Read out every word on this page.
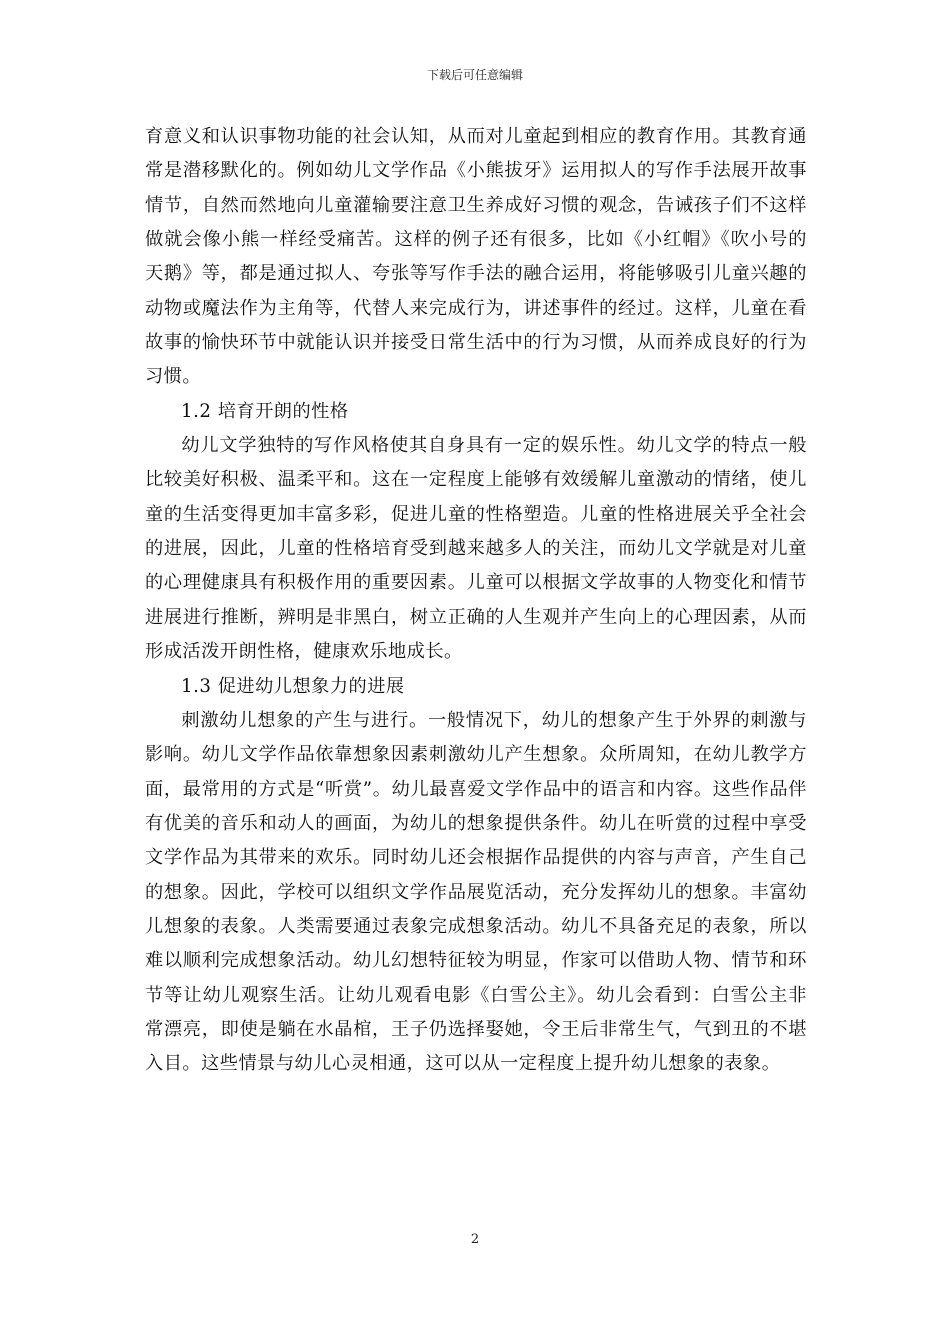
下载后可任意编辑

育意义和认识事物功能的社会认知，从而对儿童起到相应的教育作用。其教育通常是潜移默化的。例如幼儿文学作品《小熊拔牙》运用拟人的写作手法展开故事情节，自然而然地向儿童灌输要注意卫生养成好习惯的观念，告诫孩子们不这样做就会像小熊一样经受痛苦。这样的例子还有很多，比如《小红帽》《吹小号的天鹅》等，都是通过拟人、夸张等写作手法的融合运用，将能够吸引儿童兴趣的动物或魔法作为主角等，代替人来完成行为，讲述事件的经过。这样，儿童在看故事的愉快环节中就能认识并接受日常生活中的行为习惯，从而养成良好的行为习惯。

1.2 培育开朗的性格

幼儿文学独特的写作风格使其自身具有一定的娱乐性。幼儿文学的特点一般比较美好积极、温柔平和。这在一定程度上能够有效缓解儿童激动的情绪，使儿童的生活变得更加丰富多彩，促进儿童的性格塑造。儿童的性格进展关乎全社会的进展，因此，儿童的性格培育受到越来越多人的关注，而幼儿文学就是对儿童的心理健康具有积极作用的重要因素。儿童可以根据文学故事的人物变化和情节进展进行推断，辨明是非黑白，树立正确的人生观并产生向上的心理因素，从而形成活泼开朗性格，健康欢乐地成长。

1.3 促进幼儿想象力的进展

刺激幼儿想象的产生与进行。一般情况下，幼儿的想象产生于外界的刺激与影响。幼儿文学作品依靠想象因素刺激幼儿产生想象。众所周知，在幼儿教学方面，最常用的方式是“听赏”。幼儿最喜爱文学作品中的语言和内容。这些作品伴有优美的音乐和动人的画面，为幼儿的想象提供条件。幼儿在听赏的过程中享受文学作品为其带来的欢乐。同时幼儿还会根据作品提供的内容与声音，产生自己的想象。因此，学校可以组织文学作品展览活动，充分发挥幼儿的想象。丰富幼儿想象的表象。人类需要通过表象完成想象活动。幼儿不具备充足的表象，所以难以顺利完成想象活动。幼儿幻想特征较为明显，作家可以借助人物、情节和环节等让幼儿观察生活。让幼儿观看电影《白雪公主》。幼儿会看到：白雪公主非常漂亮，即使是躺在水晶棺，王子仍选择娶她，令王后非常生气，气到丑的不堪入目。这些情景与幼儿心灵相通，这可以从一定程度上提升幼儿想象的表象。

2
